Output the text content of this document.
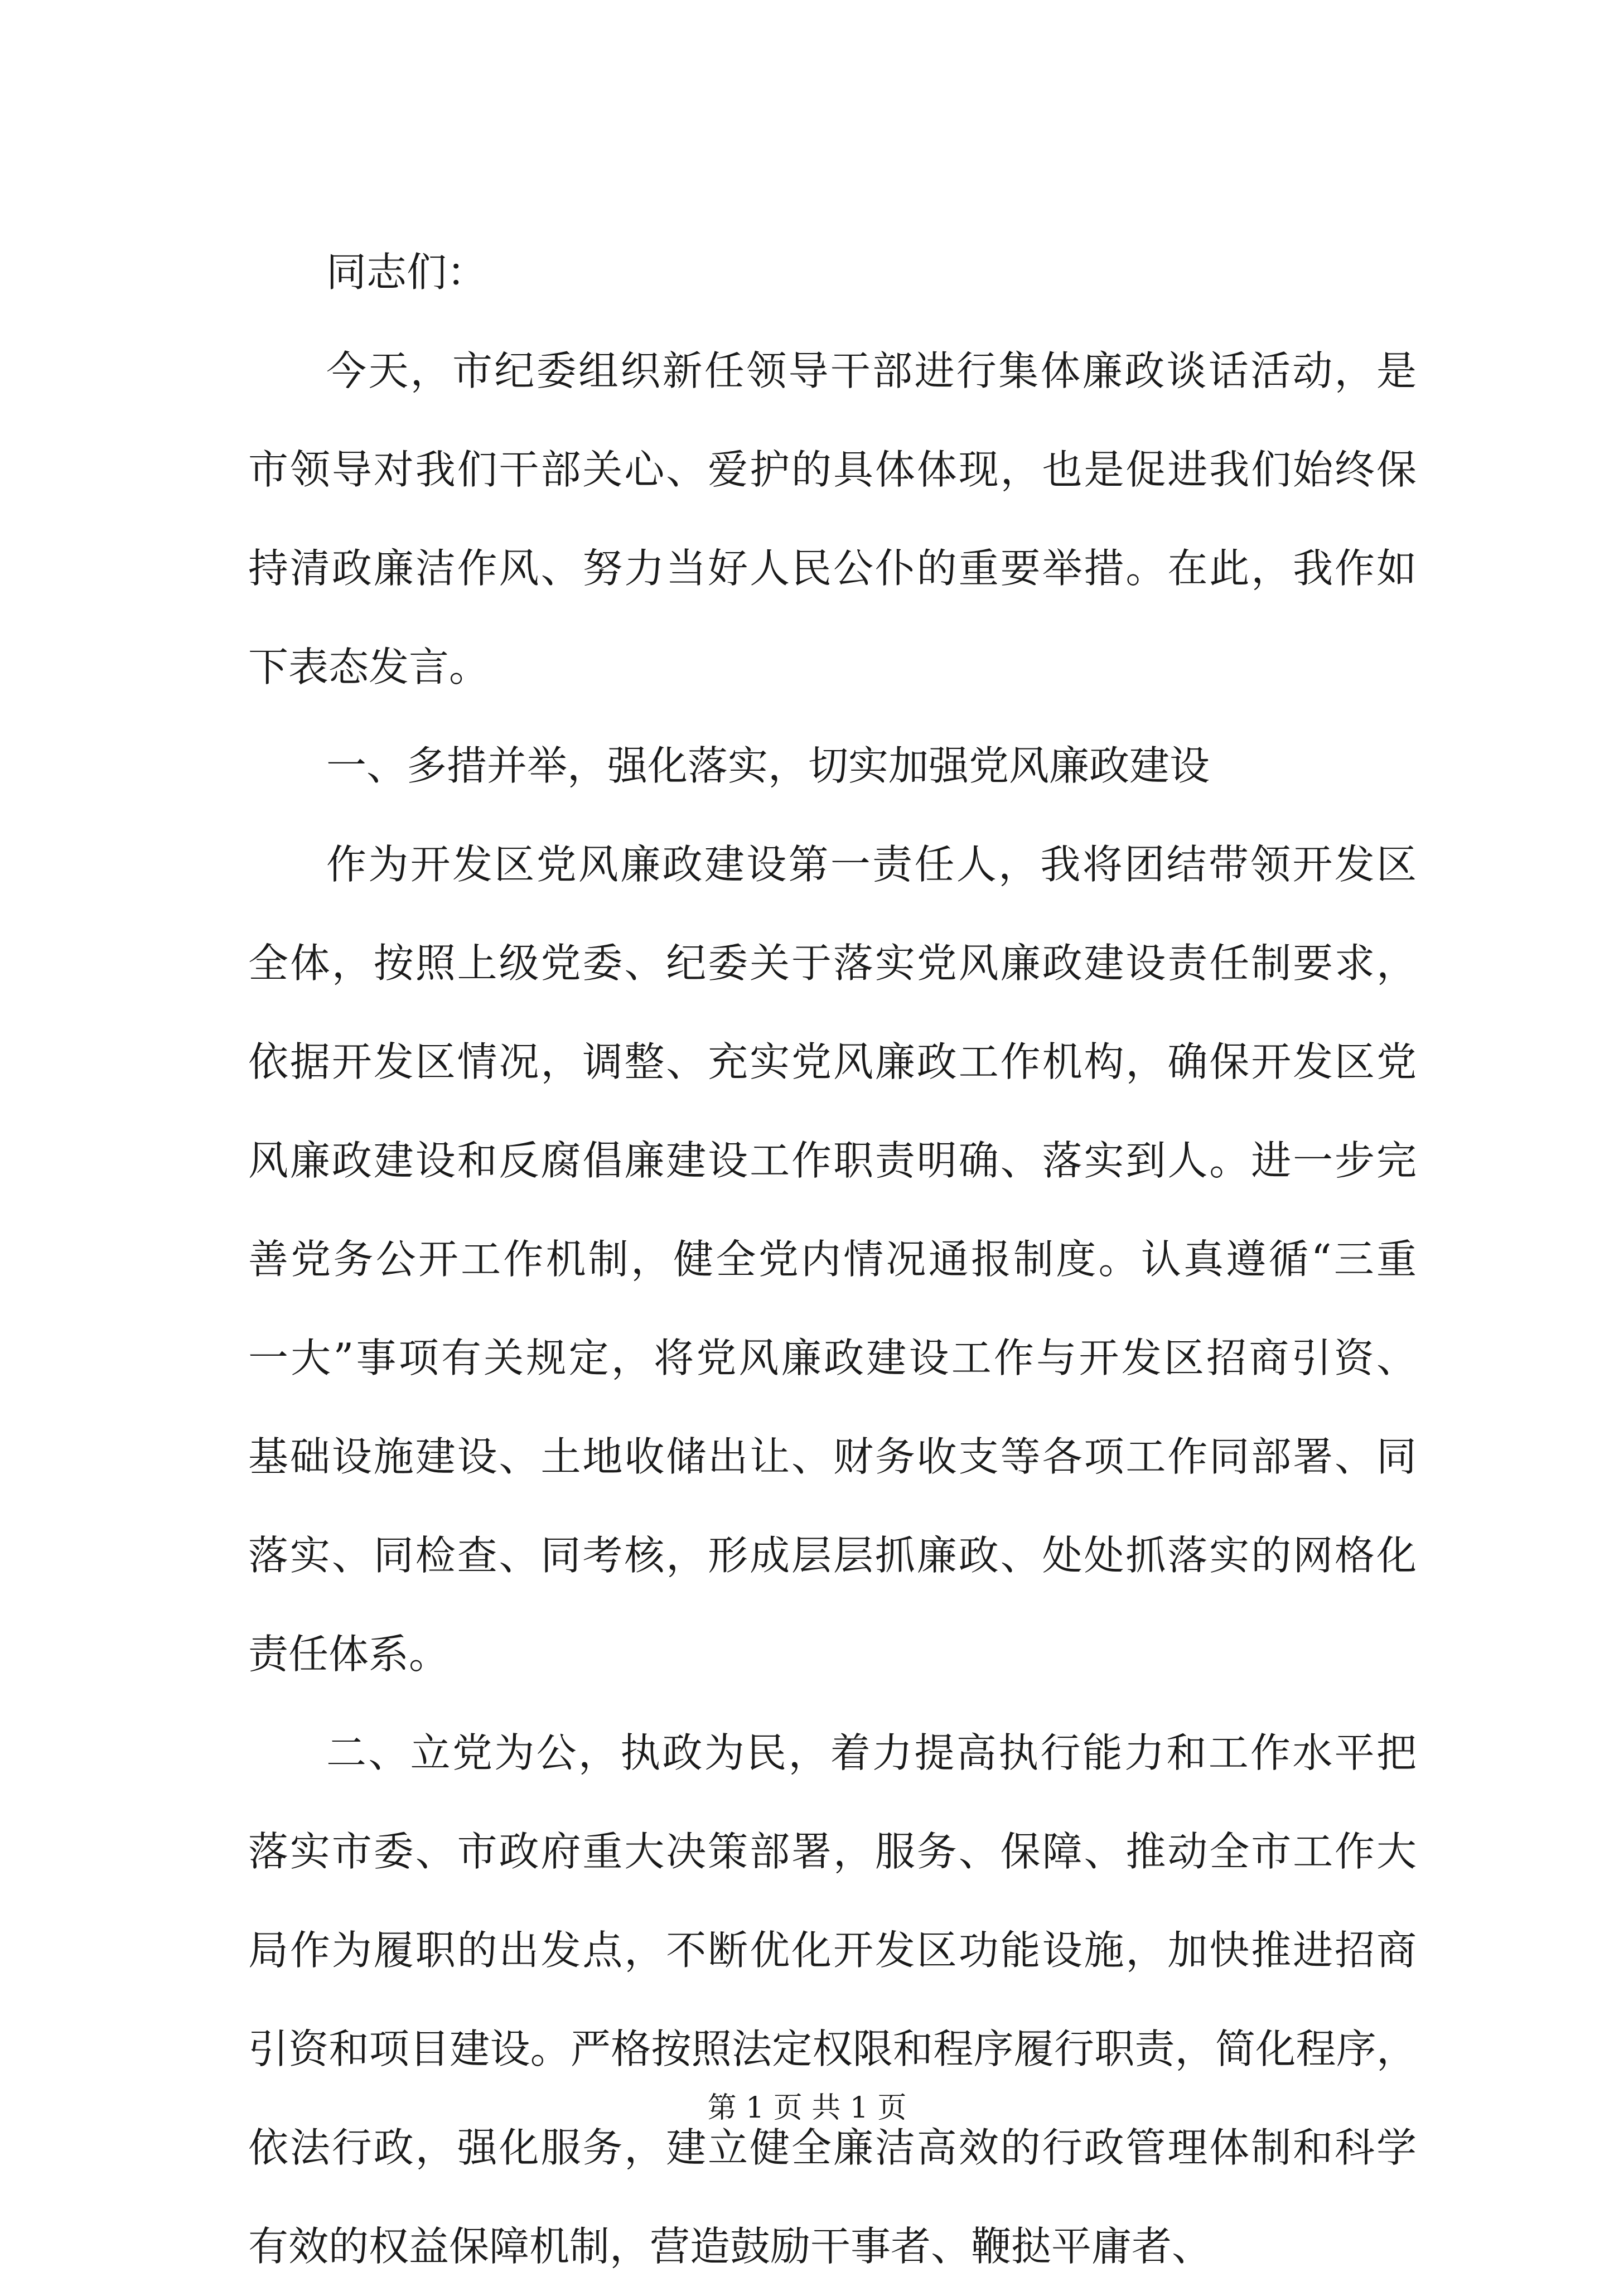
同志们：
今天，市纪委组织新任领导干部进行集体廉政谈话活动，是
市领导对我们干部关心、爱护的具体体现，也是促进我们始终保
持清政廉洁作风、努力当好人民公仆的重要举措。在此，我作如
下表态发言。
一、多措并举，强化落实，切实加强党风廉政建设
作为开发区党风廉政建设第一责任人，我将团结带领开发区
全体，按照上级党委、纪委关于落实党风廉政建设责任制要求，
依据开发区情况，调整、充实党风廉政工作机构，确保开发区党
风廉政建设和反腐倡廉建设工作职责明确、落实到人。进一步完
善党务公开工作机制，健全党内情况通报制度。认真遵循“三重
一大”事项有关规定，将党风廉政建设工作与开发区招商引资、
基础设施建设、土地收储出让、财务收支等各项工作同部署、同
落实、同检查、同考核，形成层层抓廉政、处处抓落实的网格化
责任体系。
二、立党为公，执政为民，着力提高执行能力和工作水平把
落实市委、市政府重大决策部署，服务、保障、推动全市工作大
局作为履职的出发点，不断优化开发区功能设施，加快推进招商
引资和项目建设。严格按照法定权限和程序履行职责，简化程序，
依法行政，强化服务，建立健全廉洁高效的行政管理体制和科学
有效的权益保障机制，营造鼓励干事者、鞭挞平庸者、
第 1 页 共 1 页
